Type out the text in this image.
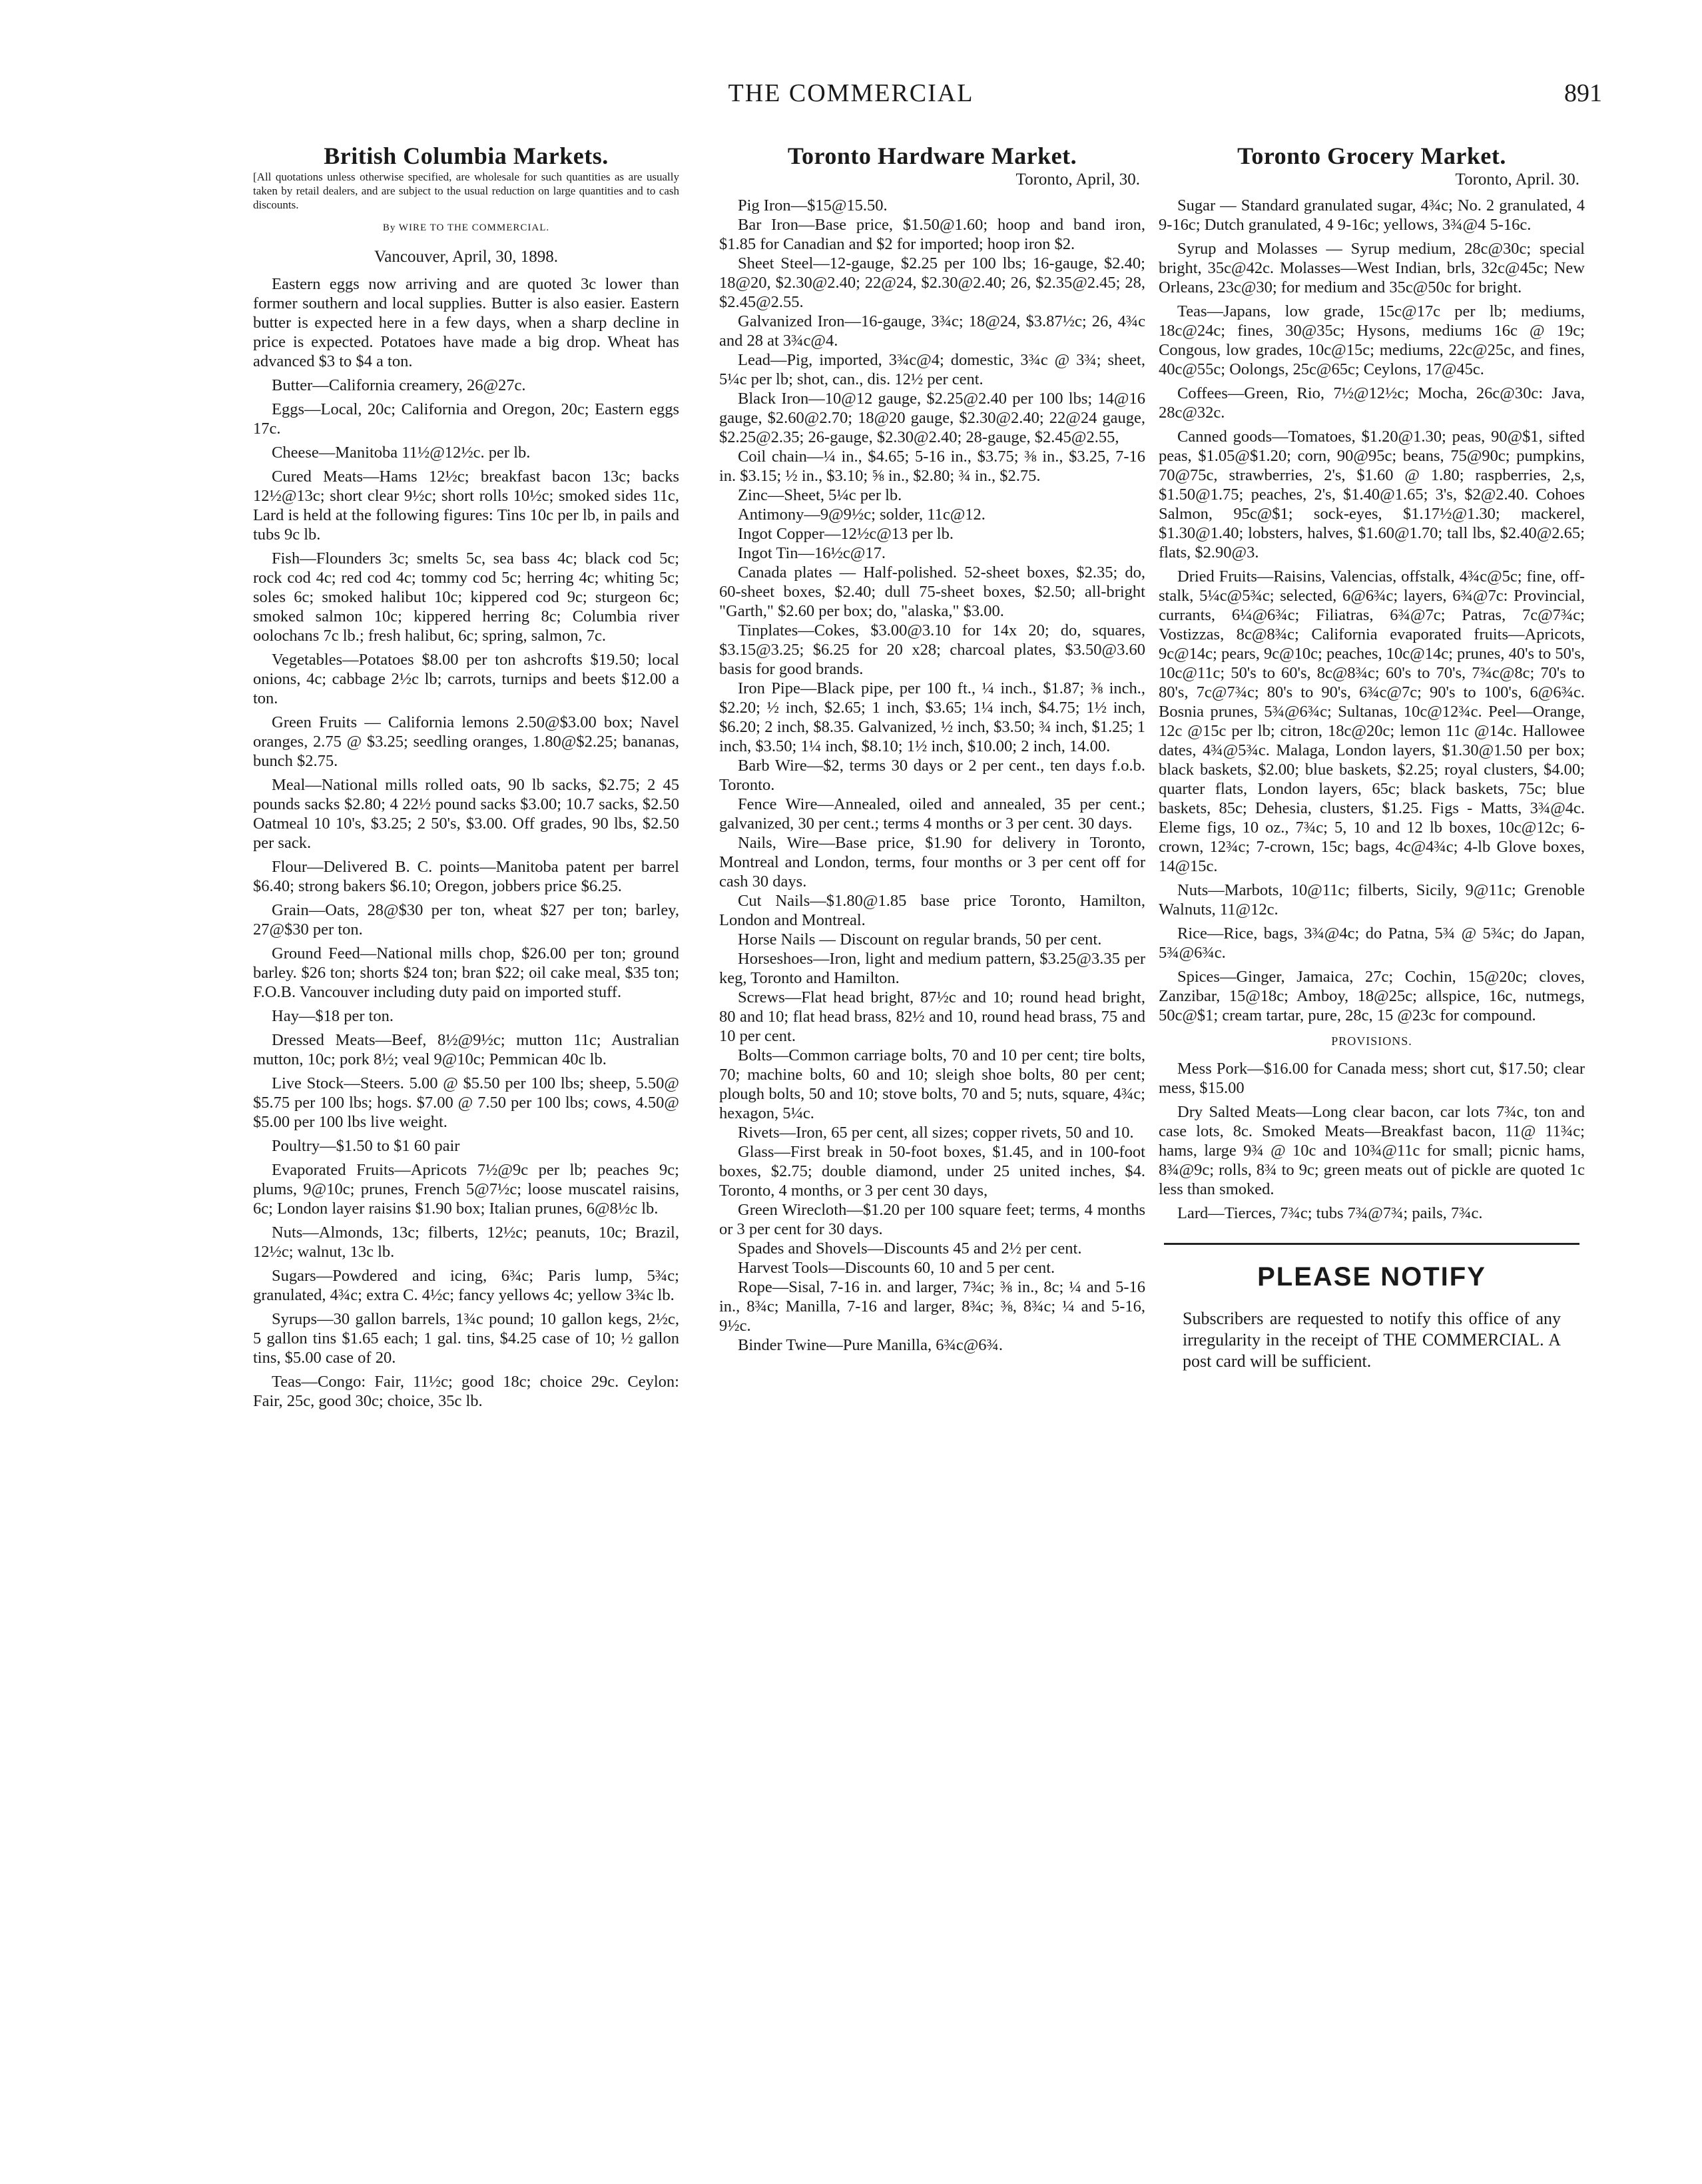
THE COMMERCIAL	891
British Columbia Markets.

[All quotations unless otherwise specified, are wholesale for such quantities as are usually taken by retail dealers, and are subject to the usual reduction on large quantities and to cash discounts.

By WIRE TO THE COMMERCIAL.

Vancouver, April, 30, 1898.

Eastern eggs now arriving and are quoted 3c lower than former southern and local supplies. Butter is also easier. Eastern butter is expected here in a few days, when a sharp decline in price is expected. Potatoes have made a big drop. Wheat has advanced $3 to $4 a ton.

Butter—California creamery, 26@27c.

Eggs—Local, 20c; California and Oregon, 20c; Eastern eggs 17c.

Cheese—Manitoba 11½@12½c. per lb.

Cured Meats—Hams 12½c; breakfast bacon 13c; backs 12½@13c; short clear 9½c; short rolls 10½c; smoked sides 11c, Lard is held at the following figures: Tins 10c per lb, in pails and tubs 9c lb.

Fish—Flounders 3c; smelts 5c, sea bass 4c; black cod 5c; rock cod 4c; red cod 4c; tommy cod 5c; herring 4c; whiting 5c; soles 6c; smoked halibut 10c; kippered cod 9c; sturgeon 6c; smoked salmon 10c; kippered herring 8c; Columbia river oolochans 7c lb.; fresh halibut, 6c; spring, salmon, 7c.

Vegetables—Potatoes $8.00 per ton ashcrofts $19.50; local onions, 4c; cabbage 2½c lb; carrots, turnips and beets $12.00 a ton.

Green Fruits — California lemons 2.50@$3.00 box; Navel oranges, 2.75 @ $3.25; seedling oranges, 1.80@$2.25; bananas, bunch $2.75.

Meal—National mills rolled oats, 90 lb sacks, $2.75; 2 45 pounds sacks $2.80; 4 22½ pound sacks $3.00; 10.7 sacks, $2.50 Oatmeal 10 10's, $3.25; 2 50's, $3.00. Off grades, 90 lbs, $2.50 per sack.

Flour—Delivered B. C. points—Manitoba patent per barrel $6.40; strong bakers $6.10; Oregon, jobbers price $6.25.

Grain—Oats, 28@$30 per ton, wheat $27 per ton; barley, 27@$30 per ton.

Ground Feed—National mills chop, $26.00 per ton; ground barley. $26 ton; shorts $24 ton; bran $22; oil cake meal, $35 ton; F.O.B. Vancouver including duty paid on imported stuff.

Hay—$18 per ton.

Dressed Meats—Beef, 8½@9½c; mutton 11c; Australian mutton, 10c; pork 8½; veal 9@10c; Pemmican 40c lb.

Live Stock—Steers. 5.00 @ $5.50 per 100 lbs; sheep, 5.50@ $5.75 per 100 lbs; hogs. $7.00 @ 7.50 per 100 lbs; cows, 4.50@ $5.00 per 100 lbs live weight.

Poultry—$1.50 to $1 60 pair

Evaporated Fruits—Apricots 7½@9c per lb; peaches 9c; plums, 9@10c; prunes, French 5@7½c; loose muscatel raisins, 6c; London layer raisins $1.90 box; Italian prunes, 6@8½c lb.

Nuts—Almonds, 13c; filberts, 12½c; peanuts, 10c; Brazil, 12½c; walnut, 13c lb.

Sugars—Powdered and icing, 6¾c; Paris lump, 5¾c; granulated, 4¾c; extra C. 4½c; fancy yellows 4c; yellow 3¾c lb.

Syrups—30 gallon barrels, 1¾c pound; 10 gallon kegs, 2½c, 5 gallon tins $1.65 each; 1 gal. tins, $4.25 case of 10; ½ gallon tins, $5.00 case of 20.

Teas—Congo: Fair, 11½c; good 18c; choice 29c. Ceylon: Fair, 25c, good 30c; choice, 35c lb.

Toronto Hardware Market.

Toronto, April, 30.

Pig Iron—$15@15.50.

Bar Iron—Base price, $1.50@1.60; hoop and band iron, $1.85 for Canadian and $2 for imported; hoop iron $2.

Sheet Steel—12-gauge, $2.25 per 100 lbs; 16-gauge, $2.40; 18@20, $2.30@2.40; 22@24, $2.30@2.40; 26, $2.35@2.45; 28, $2.45@2.55.

Galvanized Iron—16-gauge, 3¾c; 18@24, $3.87½c; 26, 4¾c and 28 at 3¾c@4.

Lead—Pig, imported, 3¾c@4; domestic, 3¾c @ 3¾; sheet, 5¼c per lb; shot, can., dis. 12½ per cent.

Black Iron—10@12 gauge, $2.25@2.40 per 100 lbs; 14@16 gauge, $2.60@2.70; 18@20 gauge, $2.30@2.40; 22@24 gauge, $2.25@2.35; 26-gauge, $2.30@2.40; 28-gauge, $2.45@2.55,

Coil chain—¼ in., $4.65; 5-16 in., $3.75; ⅜ in., $3.25, 7-16 in. $3.15; ½ in., $3.10; ⅝ in., $2.80; ¾ in., $2.75.

Zinc—Sheet, 5¼c per lb.

Antimony—9@9½c; solder, 11c@12.

Ingot Copper—12½c@13 per lb.

Ingot Tin—16½c@17.

Canada plates — Half-polished. 52-sheet boxes, $2.35; do, 60-sheet boxes, $2.40; dull 75-sheet boxes, $2.50; all-bright "Garth," $2.60 per box; do, "alaska," $3.00.

Tinplates—Cokes, $3.00@3.10 for 14x 20; do, squares, $3.15@3.25; $6.25 for 20 x28; charcoal plates, $3.50@3.60 basis for good brands.

Iron Pipe—Black pipe, per 100 ft., ¼ inch., $1.87; ⅜ inch., $2.20; ½ inch, $2.65; 1 inch, $3.65; 1¼ inch, $4.75; 1½ inch, $6.20; 2 inch, $8.35. Galvanized, ½ inch, $3.50; ¾ inch, $1.25; 1 inch, $3.50; 1¼ inch, $8.10; 1½ inch, $10.00; 2 inch, 14.00.

Barb Wire—$2, terms 30 days or 2 per cent., ten days f.o.b. Toronto.

Fence Wire—Annealed, oiled and annealed, 35 per cent.; galvanized, 30 per cent.; terms 4 months or 3 per cent. 30 days.

Nails, Wire—Base price, $1.90 for delivery in Toronto, Montreal and London, terms, four months or 3 per cent off for cash 30 days.

Cut Nails—$1.80@1.85 base price Toronto, Hamilton, London and Montreal.

Horse Nails — Discount on regular brands, 50 per cent.

Horseshoes—Iron, light and medium pattern, $3.25@3.35 per keg, Toronto and Hamilton.

Screws—Flat head bright, 87½c and 10; round head bright, 80 and 10; flat head brass, 82½ and 10, round head brass, 75 and 10 per cent.

Bolts—Common carriage bolts, 70 and 10 per cent; tire bolts, 70; machine bolts, 60 and 10; sleigh shoe bolts, 80 per cent; plough bolts, 50 and 10; stove bolts, 70 and 5; nuts, square, 4¾c; hexagon, 5¼c.

Rivets—Iron, 65 per cent, all sizes; copper rivets, 50 and 10.

Glass—First break in 50-foot boxes, $1.45, and in 100-foot boxes, $2.75; double diamond, under 25 united inches, $4. Toronto, 4 months, or 3 per cent 30 days,

Green Wirecloth—$1.20 per 100 square feet; terms, 4 months or 3 per cent for 30 days.

Spades and Shovels—Discounts 45 and 2½ per cent.

Harvest Tools—Discounts 60, 10 and 5 per cent.

Rope—Sisal, 7-16 in. and larger, 7¾c; ⅜ in., 8c; ¼ and 5-16 in., 8¾c; Manilla, 7-16 and larger, 8¾c; ⅜, 8¾c; ¼ and 5-16, 9½c.

Binder Twine—Pure Manilla, 6¾c@6¾.

Toronto Grocery Market.

Toronto, April. 30.

Sugar — Standard granulated sugar, 4¾c; No. 2 granulated, 4 9-16c; Dutch granulated, 4 9-16c; yellows, 3¾@4 5-16c.

Syrup and Molasses — Syrup medium, 28c@30c; special bright, 35c@42c. Molasses—West Indian, brls, 32c@45c; New Orleans, 23c@30; for medium and 35c@50c for bright.

Teas—Japans, low grade, 15c@17c per lb; mediums, 18c@24c; fines, 30@35c; Hysons, mediums 16c @ 19c; Congous, low grades, 10c@15c; mediums, 22c@25c, and fines, 40c@55c; Oolongs, 25c@65c; Ceylons, 17@45c.

Coffees—Green, Rio, 7½@12½c; Mocha, 26c@30c: Java, 28c@32c.

Canned goods—Tomatoes, $1.20@1.30; peas, 90@$1, sifted peas, $1.05@$1.20; corn, 90@95c; beans, 75@90c; pumpkins, 70@75c, strawberries, 2's, $1.60 @ 1.80; raspberries, 2,s, $1.50@1.75; peaches, 2's, $1.40@1.65; 3's, $2@2.40. Cohoes Salmon, 95c@$1; sock-eyes, $1.17½@1.30; mackerel, $1.30@1.40; lobsters, halves, $1.60@1.70; tall lbs, $2.40@2.65; flats, $2.90@3.

Dried Fruits—Raisins, Valencias, offstalk, 4¾c@5c; fine, off-stalk, 5¼c@5¾c; selected, 6@6¾c; layers, 6¾@7c: Provincial, currants, 6¼@6¾c; Filiatras, 6¾@7c; Patras, 7c@7¾c; Vostizzas, 8c@8¾c; California evaporated fruits—Apricots, 9c@14c; pears, 9c@10c; peaches, 10c@14c; prunes, 40's to 50's, 10c@11c; 50's to 60's, 8c@8¾c; 60's to 70's, 7¾c@8c; 70's to 80's, 7c@7¾c; 80's to 90's, 6¾c@7c; 90's to 100's, 6@6¾c. Bosnia prunes, 5¾@6¾c; Sultanas, 10c@12¾c. Peel—Orange, 12c @15c per lb; citron, 18c@20c; lemon 11c @14c. Hallowee dates, 4¾@5¾c. Malaga, London layers, $1.30@1.50 per box; black baskets, $2.00; blue baskets, $2.25; royal clusters, $4.00; quarter flats, London layers, 65c; black baskets, 75c; blue baskets, 85c; Dehesia, clusters, $1.25. Figs - Matts, 3¾@4c. Eleme figs, 10 oz., 7¾c; 5, 10 and 12 lb boxes, 10c@12c; 6-crown, 12¾c; 7-crown, 15c; bags, 4c@4¾c; 4-lb Glove boxes, 14@15c.

Nuts—Marbots, 10@11c; filberts, Sicily, 9@11c; Grenoble Walnuts, 11@12c.

Rice—Rice, bags, 3¾@4c; do Patna, 5¾ @ 5¾c; do Japan, 5¾@6¾c.

Spices—Ginger, Jamaica, 27c; Cochin, 15@20c; cloves, Zanzibar, 15@18c; Amboy, 18@25c; allspice, 16c, nutmegs, 50c@$1; cream tartar, pure, 28c, 15 @23c for compound.

PROVISIONS.

Mess Pork—$16.00 for Canada mess; short cut, $17.50; clear mess, $15.00

Dry Salted Meats—Long clear bacon, car lots 7¾c, ton and case lots, 8c. Smoked Meats—Breakfast bacon, 11@ 11¾c; hams, large 9¾ @ 10c and 10¾@11c for small; picnic hams, 8¾@9c; rolls, 8¾ to 9c; green meats out of pickle are quoted 1c less than smoked.

Lard—Tierces, 7¾c; tubs 7¾@7¾; pails, 7¾c.

PLEASE NOTIFY

Subscribers are requested to notify this office of any irregularity in the receipt of THE COMMERCIAL. A post card will be sufficient.
